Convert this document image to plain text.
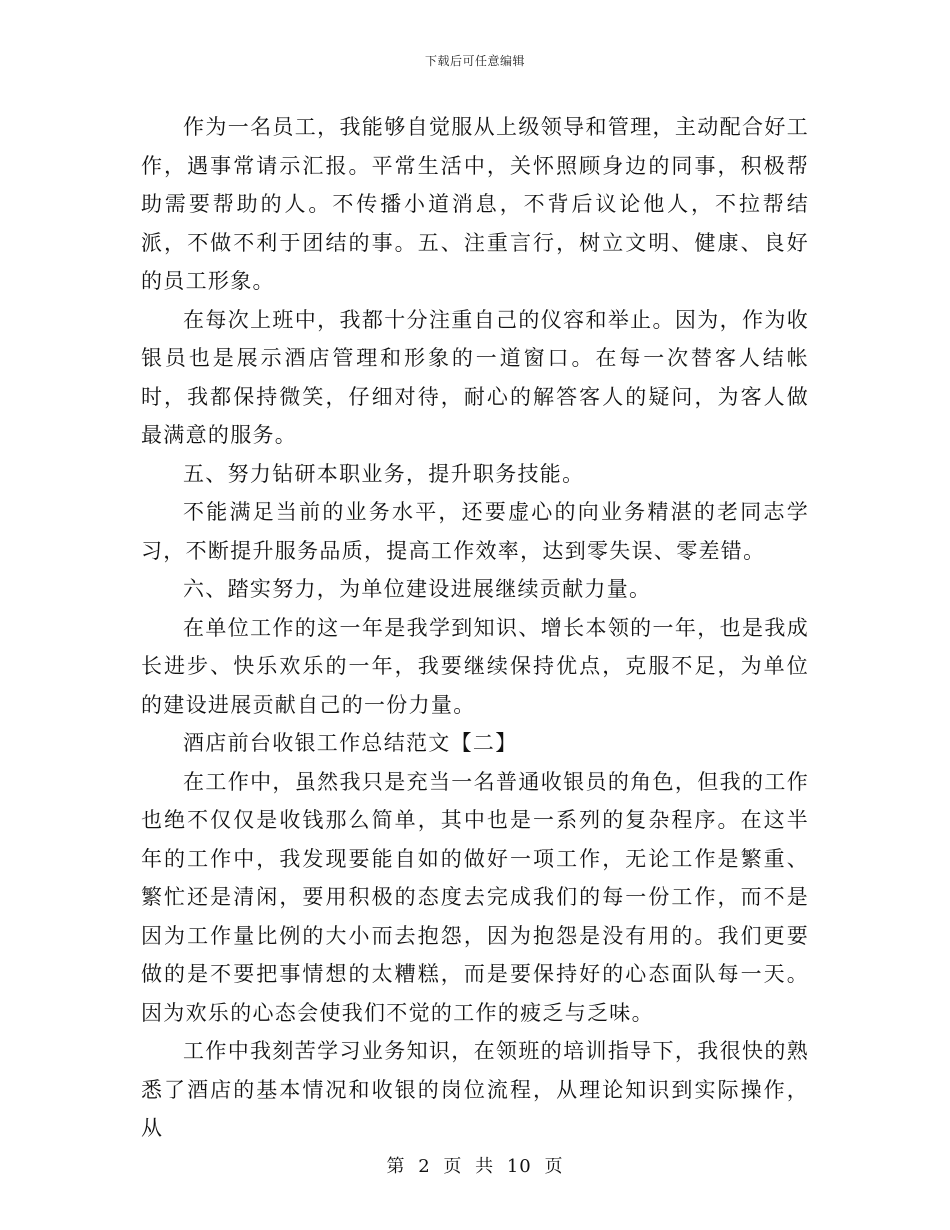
下载后可任意编辑

作为一名员工，我能够自觉服从上级领导和管理，主动配合好工作，遇事常请示汇报。平常生活中，关怀照顾身边的同事，积极帮助需要帮助的人。不传播小道消息，不背后议论他人，不拉帮结派，不做不利于团结的事。五、注重言行，树立文明、健康、良好的员工形象。

在每次上班中，我都十分注重自己的仪容和举止。因为，作为收银员也是展示酒店管理和形象的一道窗口。在每一次替客人结帐时，我都保持微笑，仔细对待，耐心的解答客人的疑问，为客人做最满意的服务。

五、努力钻研本职业务，提升职务技能。

不能满足当前的业务水平，还要虚心的向业务精湛的老同志学习，不断提升服务品质，提高工作效率，达到零失误、零差错。

六、踏实努力，为单位建设进展继续贡献力量。

在单位工作的这一年是我学到知识、增长本领的一年，也是我成长进步、快乐欢乐的一年，我要继续保持优点，克服不足，为单位的建设进展贡献自己的一份力量。

酒店前台收银工作总结范文【二】

在工作中，虽然我只是充当一名普通收银员的角色，但我的工作也绝不仅仅是收钱那么简单，其中也是一系列的复杂程序。在这半年的工作中，我发现要能自如的做好一项工作，无论工作是繁重、繁忙还是清闲，要用积极的态度去完成我们的每一份工作，而不是因为工作量比例的大小而去抱怨，因为抱怨是没有用的。我们更要做的是不要把事情想的太糟糕，而是要保持好的心态面队每一天。因为欢乐的心态会使我们不觉的工作的疲乏与乏味。

工作中我刻苦学习业务知识，在领班的培训指导下，我很快的熟悉了酒店的基本情况和收银的岗位流程，从理论知识到实际操作，从

第 2 页 共 10 页
